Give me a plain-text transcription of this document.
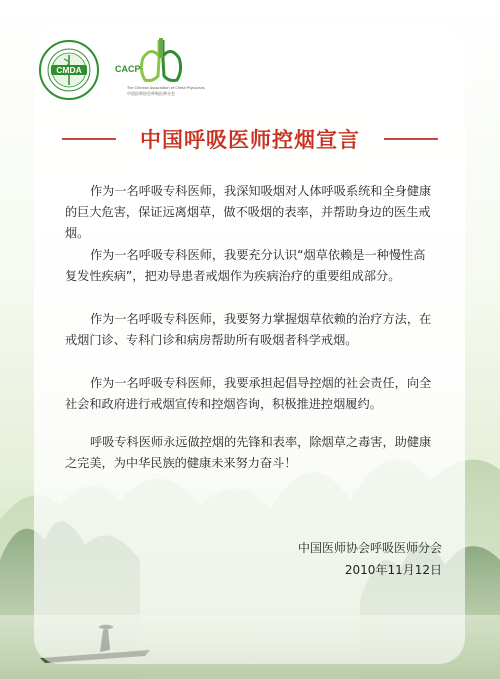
CMDA	CACP
The Chinese Association of Chest Physicians
中国医师协会呼吸医师分会
中国呼吸医师控烟宣言

作为一名呼吸专科医师，我深知吸烟对人体呼吸系统和全身健康的巨大危害，保证远离烟草，做不吸烟的表率，并帮助身边的医生戒烟。

作为一名呼吸专科医师，我要充分认识“烟草依赖是一种慢性高复发性疾病”，把劝导患者戒烟作为疾病治疗的重要组成部分。

作为一名呼吸专科医师，我要努力掌握烟草依赖的治疗方法，在戒烟门诊、专科门诊和病房帮助所有吸烟者科学戒烟。

作为一名呼吸专科医师，我要承担起倡导控烟的社会责任，向全社会和政府进行戒烟宣传和控烟咨询，积极推进控烟履约。

呼吸专科医师永远做控烟的先锋和表率，除烟草之毒害，助健康之完美，为中华民族的健康未来努力奋斗！

中国医师协会呼吸医师分会
2010年11月12日
